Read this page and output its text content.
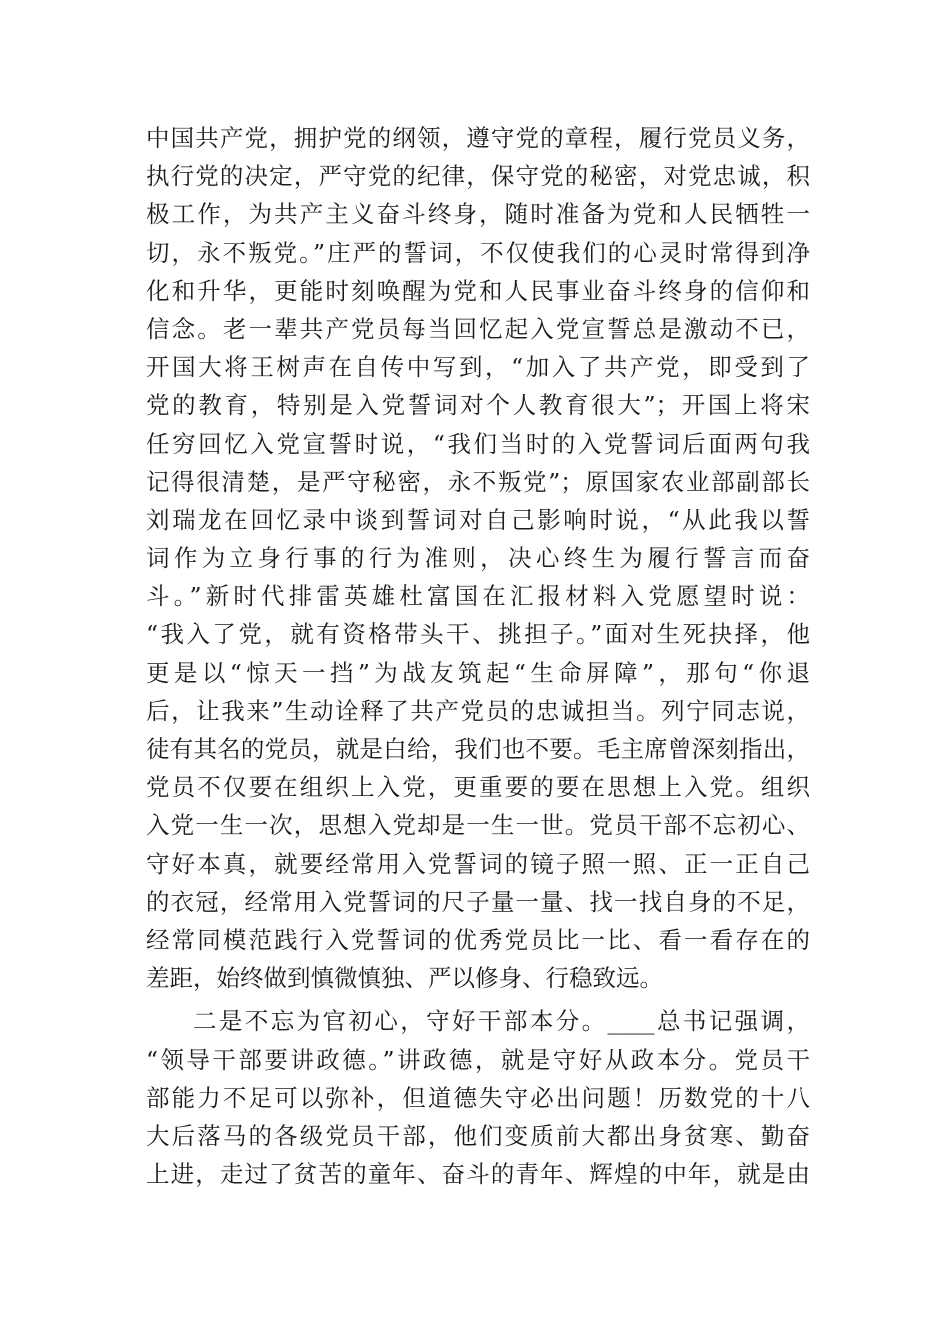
中国共产党，拥护党的纲领，遵守党的章程，履行党员义务，
执行党的决定，严守党的纪律，保守党的秘密，对党忠诚，积
极工作，为共产主义奋斗终身，随时准备为党和人民牺牲一
切，永不叛党。”庄严的誓词，不仅使我们的心灵时常得到净
化和升华，更能时刻唤醒为党和人民事业奋斗终身的信仰和
信念。老一辈共产党员每当回忆起入党宣誓总是激动不已，
开国大将王树声在自传中写到，“加入了共产党，即受到了
党的教育，特别是入党誓词对个人教育很大”；开国上将宋
任穷回忆入党宣誓时说，“我们当时的入党誓词后面两句我
记得很清楚，是严守秘密，永不叛党”；原国家农业部副部长
刘瑞龙在回忆录中谈到誓词对自己影响时说，“从此我以誓
词作为立身行事的行为准则，决心终生为履行誓言而奋
斗。”新时代排雷英雄杜富国在汇报材料入党愿望时说：
“我入了党，就有资格带头干、挑担子。”面对生死抉择，他
更是以“惊天一挡”为战友筑起“生命屏障”，那句“你退
后，让我来”生动诠释了共产党员的忠诚担当。列宁同志说，
徒有其名的党员，就是白给，我们也不要。毛主席曾深刻指出，
党员不仅要在组织上入党，更重要的要在思想上入党。组织
入党一生一次，思想入党却是一生一世。党员干部不忘初心、
守好本真，就要经常用入党誓词的镜子照一照、正一正自己
的衣冠，经常用入党誓词的尺子量一量、找一找自身的不足，
经常同模范践行入党誓词的优秀党员比一比、看一看存在的
差距，始终做到慎微慎独、严以修身、行稳致远。
二是不忘为官初心，守好干部本分。____总书记强调，
“领导干部要讲政德。”讲政德，就是守好从政本分。党员干
部能力不足可以弥补，但道德失守必出问题！历数党的十八
大后落马的各级党员干部，他们变质前大都出身贫寒、勤奋
上进，走过了贫苦的童年、奋斗的青年、辉煌的中年，就是由
